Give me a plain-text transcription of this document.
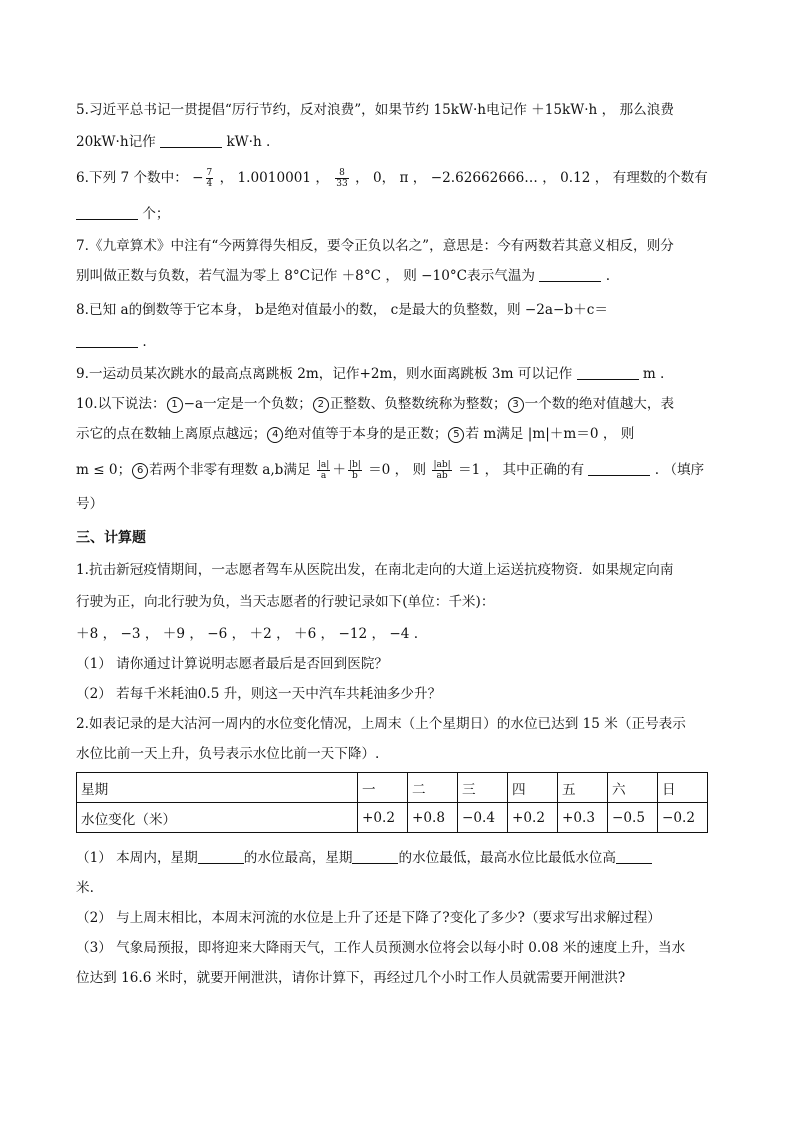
5.习近平总书记一贯提倡“厉行节约，反对浪费”，如果节约 15kW·h电记作 ＋15kW·h ， 那么浪费
20kW·h记作	kW·h .
6.下列 7 个数中： − $\frac{7}{4}$ ， 1.0010001 ， $\frac{8}{33}$ ， 0， π ， −2.62662666… ， 0.12̇ ， 有理数的个数有
个；
7.《九章算术》中注有“今两算得失相反，要令正负以名之”，意思是：今有两数若其意义相反，则分
别叫做正数与负数，若气温为零上 8°C记作 ＋8°C ， 则 −10°C表示气温为	.
8.已知 a的倒数等于它本身， b是绝对值最小的数， c是最大的负整数，则 −2a−b＋c＝
.
9.一运动员某次跳水的最高点离跳板 2m，记作+2m，则水面离跳板 3m 可以记作	m .
10.以下说法： 1 −a一定是一个负数； 2 正整数、负整数统称为整数； 3 一个数的绝对值越大，表
示它的点在数轴上离原点越远； 4 绝对值等于本身的是正数； 5 若 m满足 |m|＋m＝0 ， 则
m ≤ 0； 6 若两个非零有理数 a,b满足 $\frac{|a|}{a} + \frac{|b|}{b} =0$ ， 则 $\frac{|ab|}{ab} =1$ ， 其中正确的有	. （填序
号）
三、计算题
1.抗击新冠疫情期间，一志愿者驾车从医院出发，在南北走向的大道上运送抗疫物资．如果规定向南
行驶为正，向北行驶为负，当天志愿者的行驶记录如下(单位：千米)：
＋8 ， −3 ， ＋9 ， −6 ， ＋2 ， ＋6 ， −12 ， −4 .
（1） 请你通过计算说明志愿者最后是否回到医院？
（2） 若每千米耗油0.5 升，则这一天中汽车共耗油多少升？
2.如表记录的是大沽河一周内的水位变化情况，上周末（上个星期日）的水位已达到 15 米（正号表示
水位比前一天上升，负号表示水位比前一天下降）.
星期	一	二	三	四	五	六	日
水位变化（米）	+0.2	+0.8	−0.4	+0.2	+0.3	−0.5	−0.2
（1） 本周内，星期	的水位最高，星期	的水位最低，最高水位比最低水位高
米.
（2） 与上周末相比，本周末河流的水位是上升了还是下降了?变化了多少?（要求写出求解过程）
（3） 气象局预报，即将迎来大降雨天气，工作人员预测水位将会以每小时 0.08 米的速度上升，当水
位达到 16.6 米时，就要开闸泄洪，请你计算下，再经过几个小时工作人员就需要开闸泄洪?
